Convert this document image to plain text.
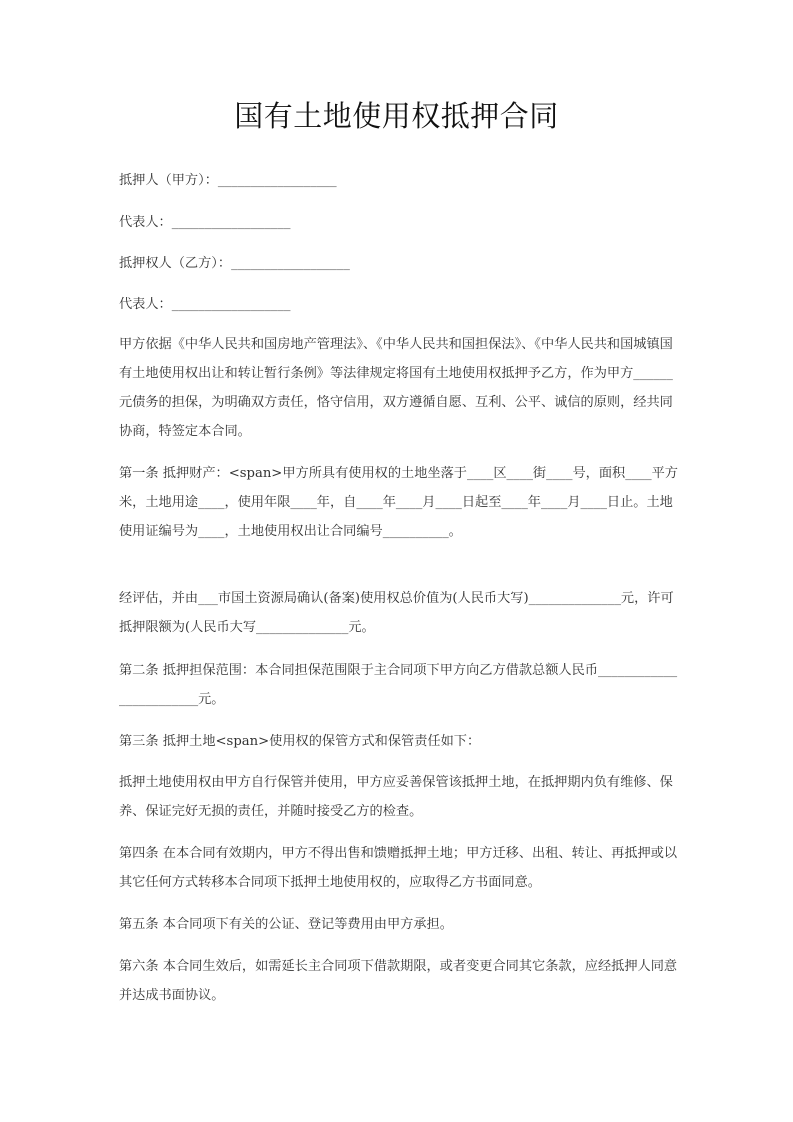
国有土地使用权抵押合同
抵押人（甲方）：__________________
代表人：__________________
抵押权人（乙方）：__________________
代表人：__________________
甲方依据《中华人民共和国房地产管理法》、《中华人民共和国担保法》、《中华人民共和国城镇国有土地使用权出让和转让暂行条例》等法律规定将国有土地使用权抵押予乙方，作为甲方______元债务的担保，为明确双方责任，恪守信用，双方遵循自愿、互利、公平、诚信的原则，经共同协商，特签定本合同。
第一条 抵押财产：<span>甲方所具有使用权的土地坐落于____区____街____号，面积____平方米，土地用途____，使用年限____年，自____年____月____日起至____年____月____日止。土地使用证编号为____，土地使用权出让合同编号__________。
经评估，并由___市国土资源局确认(备案)使用权总价值为(人民币大写)______________元，许可抵押限额为(人民币大写______________元。
第二条 抵押担保范围：本合同担保范围限于主合同项下甲方向乙方借款总额人民币________________________元。
第三条 抵押土地<span>使用权的保管方式和保管责任如下：
抵押土地使用权由甲方自行保管并使用，甲方应妥善保管该抵押土地，在抵押期内负有维修、保养、保证完好无损的责任，并随时接受乙方的检查。
第四条 在本合同有效期内，甲方不得出售和馈赠抵押土地；甲方迁移、出租、转让、再抵押或以其它任何方式转移本合同项下抵押土地使用权的，应取得乙方书面同意。
第五条 本合同项下有关的公证、登记等费用由甲方承担。
第六条 本合同生效后，如需延长主合同项下借款期限，或者变更合同其它条款，应经抵押人同意并达成书面协议。
